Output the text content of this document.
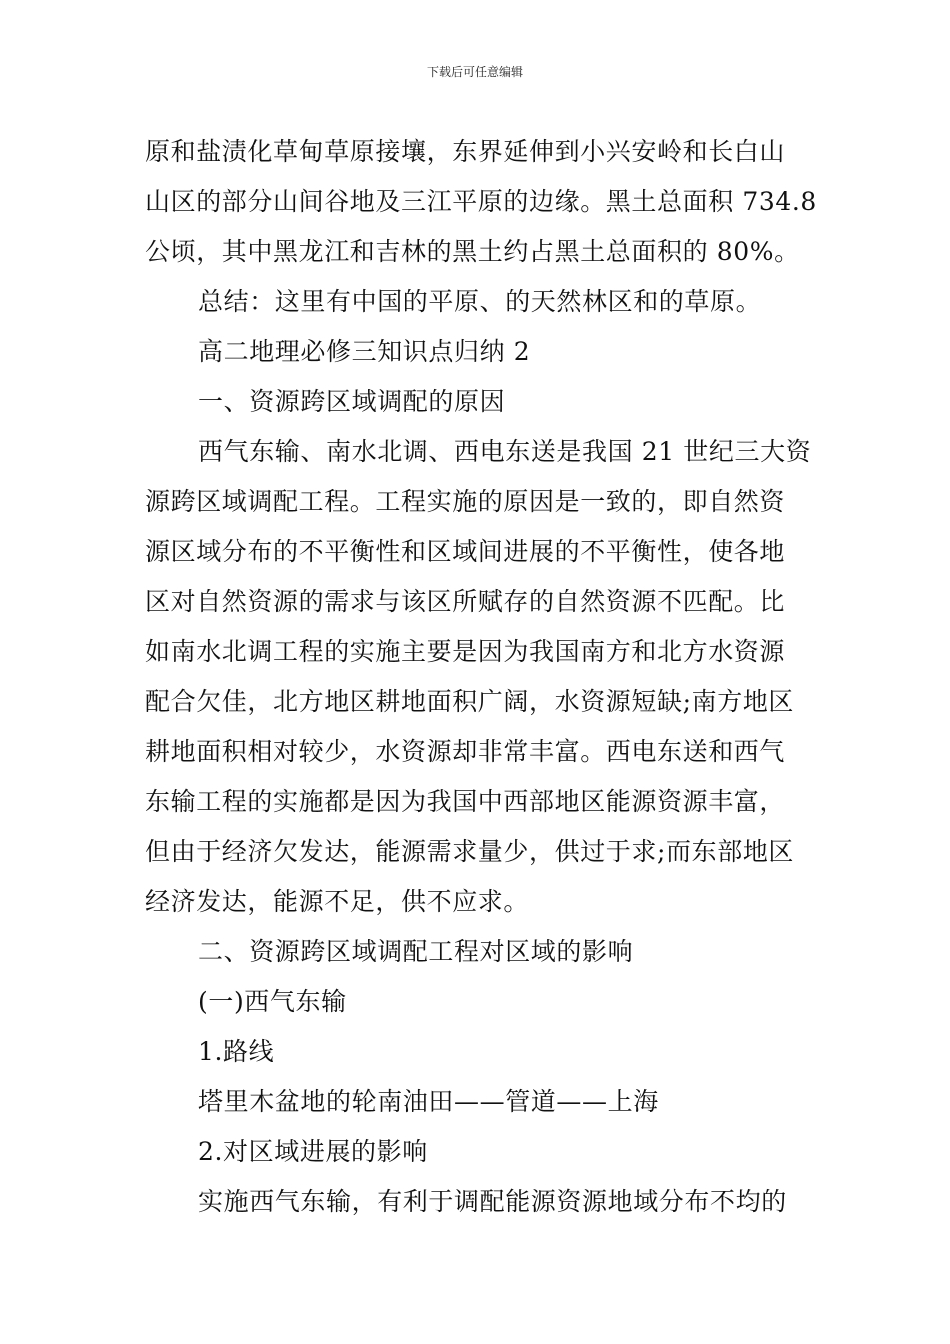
下载后可任意编辑

原和盐渍化草甸草原接壤，东界延伸到小兴安岭和长白山

山区的部分山间谷地及三江平原的边缘。黑土总面积 734.8

公顷，其中黑龙江和吉林的黑土约占黑土总面积的 80%。

总结：这里有中国的平原、的天然林区和的草原。

高二地理必修三知识点归纳 2

一、资源跨区域调配的原因

西气东输、南水北调、西电东送是我国 21 世纪三大资

源跨区域调配工程。工程实施的原因是一致的，即自然资

源区域分布的不平衡性和区域间进展的不平衡性，使各地

区对自然资源的需求与该区所赋存的自然资源不匹配。比

如南水北调工程的实施主要是因为我国南方和北方水资源

配合欠佳，北方地区耕地面积广阔，水资源短缺;南方地区

耕地面积相对较少，水资源却非常丰富。西电东送和西气

东输工程的实施都是因为我国中西部地区能源资源丰富，

但由于经济欠发达，能源需求量少，供过于求;而东部地区

经济发达，能源不足，供不应求。

二、资源跨区域调配工程对区域的影响

(一)西气东输

1.路线

塔里木盆地的轮南油田——管道——上海

2.对区域进展的影响

实施西气东输，有利于调配能源资源地域分布不均的
